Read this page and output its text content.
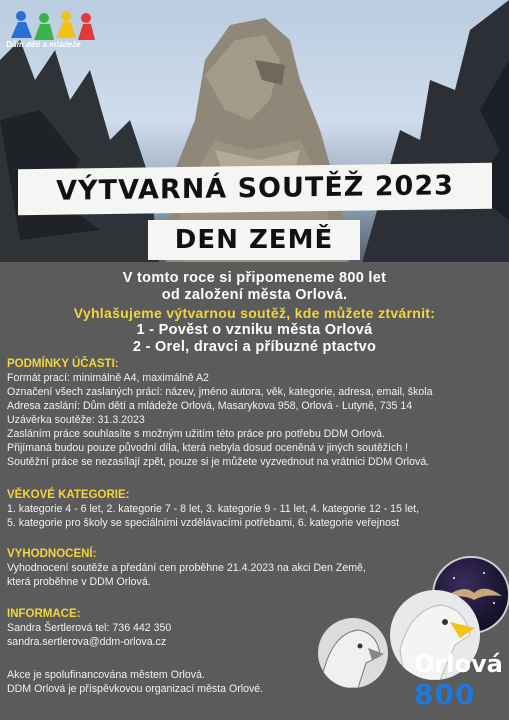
Dům dětí a mládeže
VÝTVARNÁ SOUTĚŽ 2023
DEN ZEMĚ
V tomto roce si připomeneme 800 let
od založení města Orlová.
Vyhlašujeme výtvarnou soutěž, kde můžete ztvárnit:
1 - Pověst o vzniku města Orlová
2 - Orel, dravci a příbuzné ptactvo
PODMÍNKY ÚČASTI:
Formát prací: minimálně A4, maximálně A2
Označení všech zaslaných prácí: název, jméno autora, věk, kategorie, adresa, email, škola
Adresa zaslání: Dům dětí a mládeže Orlová, Masarykova 958, Orlová - Lutyně, 735 14
Uzávěrka soutěže: 31.3.2023
Zasláním práce souhlasíte s možným užitím této práce pro potřebu DDM Orlová.
Přijímaná budou pouze původní díla, která nebyla dosud oceněná v jiných soutěžích !
Soutěžní práce se nezasílají zpět, pouze si je můžete vyzvednout na vrátnici DDM Orlová.
VĚKOVÉ KATEGORIE:
1. kategorie 4 - 6 let, 2. kategorie 7 - 8 let, 3. kategorie 9 - 11 let, 4. kategorie 12 - 15 let,
5. kategorie pro školy se speciálními vzdělávacími potřebami, 6. kategorie veřejnost
VYHODNOCENÍ:
Vyhodnocení soutěže a předání cen proběhne 21.4.2023 na akci Den Země,
která proběhne v DDM Orlová.
INFORMACE:
Sandra Šertlerová tel: 736 442 350
sandra.sertlerova@ddm-orlova.cz
Akce je spolufinancována městem Orlová.
DDM Orlová je příspěvkovou organizací města Orlové.
Orlová
800
